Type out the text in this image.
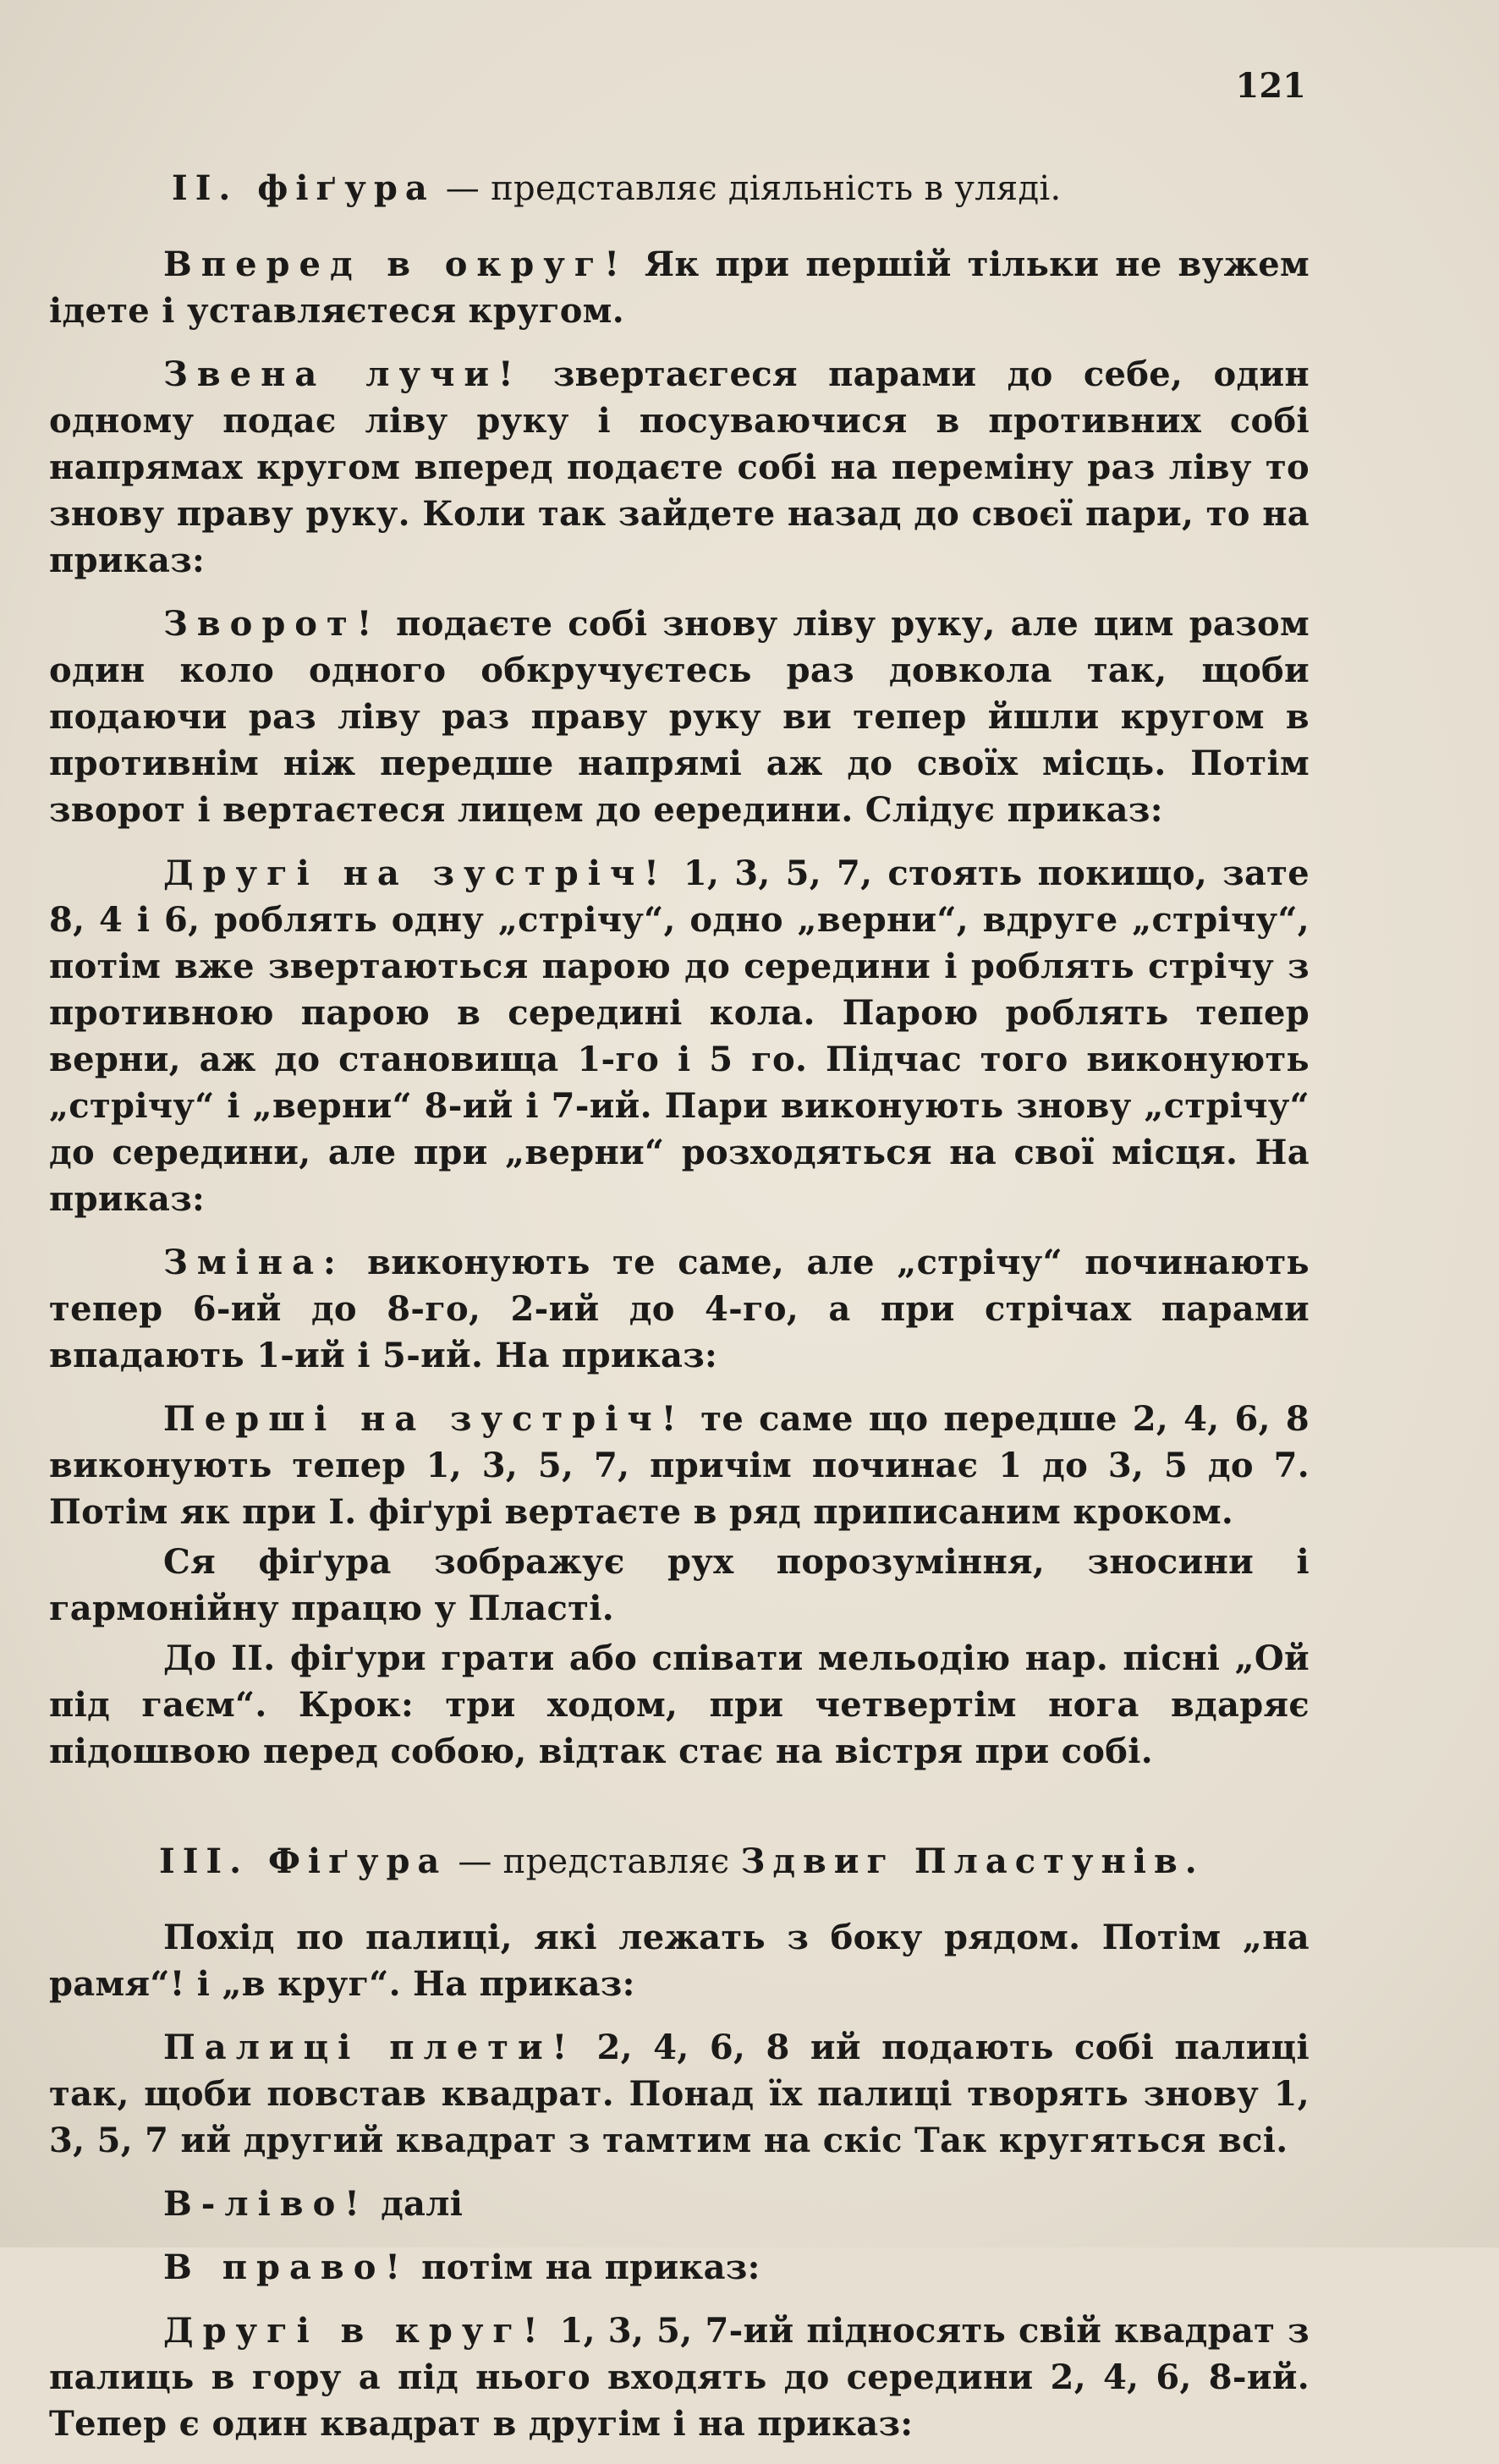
121
ІІ. фіґура — представляє діяльність в уляді.

Вперед в округ! Як при першій тільки не вужем ідете і уставляєтеся кругом.

Звена лучи! звертаєгеся парами до себе, один одному подає ліву руку і посуваючися в противних собі напрямах кругом вперед подаєте собі на переміну раз ліву то знову праву руку. Коли так зайдете назад до своєї пари, то на приказ:

Зворот! подаєте собі знову ліву руку, але цим разом один коло одного обкручуєтесь раз довкола так, щоби подаючи раз ліву раз праву руку ви тепер йшли кругом в противнім ніж передше напрямі аж до своїх місць. Потім зворот і вертаєтеся лицем до еередини. Слідує приказ:

Другі на зустріч! 1, 3, 5, 7, стоять покищо, зате 8, 4 і 6, роблять одну „стрічу“, одно „верни“, вдруге „стрічу“, потім вже звертаються парою до середини і роблять стрічу з противною парою в середині кола. Парою роблять тепер верни, аж до становища 1-го і 5 го. Підчас того виконують „стрічу“ і „верни“ 8-ий і 7-ий. Пари виконують знову „стрічу“ до середини, але при „верни“ розходяться на свої місця. На приказ:

Зміна: виконують те саме, але „стрічу“ починають тепер 6-ий до 8-го, 2-ий до 4-го, а при стрічах парами впадають 1-ий і 5-ий. На приказ:

Перші на зустріч! те саме що передше 2, 4, 6, 8 виконують тепер 1, 3, 5, 7, причім починає 1 до 3, 5 до 7. Потім як при І. фіґурі вертаєте в ряд приписаним кроком.

Ся фіґура зображує рух порозуміння, зносини і гармонійну працю у Пласті.

До ІІ. фіґури грати або співати мельодію нар. пісні „Ой під гаєм“. Крок: три ходом, при четвертім нога вдаряє підошвою перед собою, відтак стає на вістря при собі.

ІІІ. Фіґура — представляє Здвиг Пластунів.

Похід по палиці, які лежать з боку рядом. Потім „на рамя“! і „в круг“. На приказ:

Палиці плети! 2, 4, 6, 8 ий подають собі палиці так, щоби повстав квадрат. Понад їх палиці творять знову 1, 3, 5, 7 ий другий квадрат з тамтим на скіс Так кругяться всі.

В-ліво! далі

В право! потім на приказ:

Другі в круг! 1, 3, 5, 7-ий підносять свій квадрат з палиць в гору а під нього входять до середини 2, 4, 6, 8-ий. Тепер є один квадрат в другім і на приказ:
